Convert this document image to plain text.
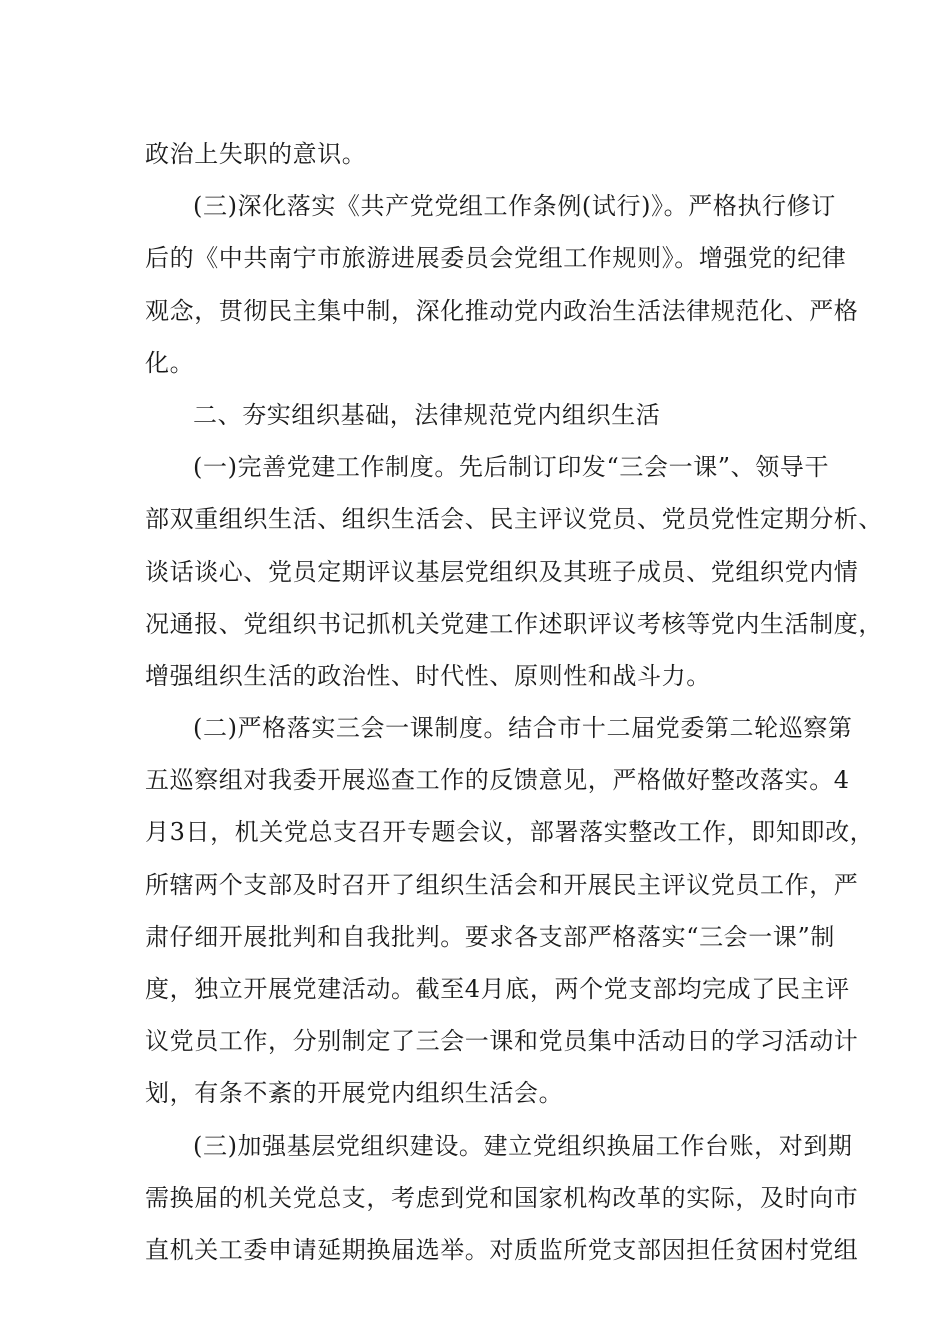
政治上失职的意识。
(三)深化落实《共产党党组工作条例(试行)》。严格执行修订
后的《中共南宁市旅游进展委员会党组工作规则》。增强党的纪律
观念，贯彻民主集中制，深化推动党内政治生活法律规范化、严格
化。
二、夯实组织基础，法律规范党内组织生活
(一)完善党建工作制度。先后制订印发“三会一课”、领导干
部双重组织生活、组织生活会、民主评议党员、党员党性定期分析、
谈话谈心、党员定期评议基层党组织及其班子成员、党组织党内情
况通报、党组织书记抓机关党建工作述职评议考核等党内生活制度，
增强组织生活的政治性、时代性、原则性和战斗力。
(二)严格落实三会一课制度。结合市十二届党委第二轮巡察第
五巡察组对我委开展巡查工作的反馈意见，严格做好整改落实。4
月3日，机关党总支召开专题会议，部署落实整改工作，即知即改，
所辖两个支部及时召开了组织生活会和开展民主评议党员工作，严
肃仔细开展批判和自我批判。要求各支部严格落实“三会一课”制
度，独立开展党建活动。截至4月底，两个党支部均完成了民主评
议党员工作，分别制定了三会一课和党员集中活动日的学习活动计
划，有条不紊的开展党内组织生活会。
(三)加强基层党组织建设。建立党组织换届工作台账，对到期
需换届的机关党总支，考虑到党和国家机构改革的实际，及时向市
直机关工委申请延期换届选举。对质监所党支部因担任贫困村党组
